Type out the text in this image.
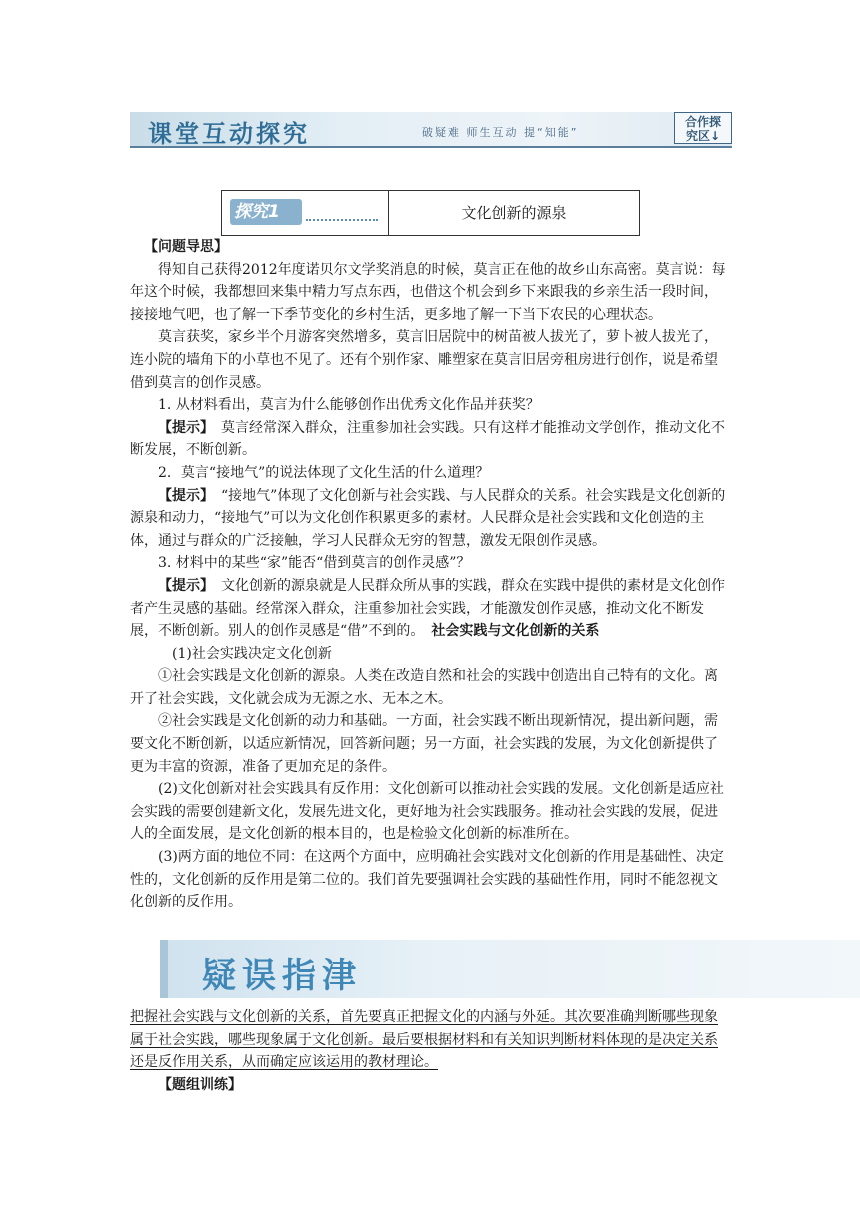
课堂互动探究	破疑难 师生互动 提“知能”
合作探
究区↓
探究1	文化创新的源泉

【问题导思】

得知自己获得2012年度诺贝尔文学奖消息的时候，莫言正在他的故乡山东高密。莫言说：每年这个时候，我都想回来集中精力写点东西，也借这个机会到乡下来跟我的乡亲生活一段时间，接接地气吧，也了解一下季节变化的乡村生活，更多地了解一下当下农民的心理状态。

莫言获奖，家乡半个月游客突然增多，莫言旧居院中的树苗被人拔光了，萝卜被人拔光了，连小院的墙角下的小草也不见了。还有个别作家、雕塑家在莫言旧居旁租房进行创作，说是希望借到莫言的创作灵感。

1. 从材料看出，莫言为什么能够创作出优秀文化作品并获奖？

【提示】　莫言经常深入群众，注重参加社会实践。只有这样才能推动文学创作，推动文化不断发展，不断创新。

2．莫言“接地气”的说法体现了文化生活的什么道理？

【提示】　“接地气”体现了文化创新与社会实践、与人民群众的关系。社会实践是文化创新的源泉和动力，“接地气”可以为文化创作积累更多的素材。人民群众是社会实践和文化创造的主体，通过与群众的广泛接触，学习人民群众无穷的智慧，激发无限创作灵感。

3. 材料中的某些“家”能否“借到莫言的创作灵感”？

【提示】　文化创新的源泉就是人民群众所从事的实践，群众在实践中提供的素材是文化创作者产生灵感的基础。经常深入群众，注重参加社会实践，才能激发创作灵感，推动文化不断发展，不断创新。别人的创作灵感是“借”不到的。　社会实践与文化创新的关系

(1)社会实践决定文化创新

①社会实践是文化创新的源泉。人类在改造自然和社会的实践中创造出自己特有的文化。离开了社会实践，文化就会成为无源之水、无本之木。

②社会实践是文化创新的动力和基础。一方面，社会实践不断出现新情况，提出新问题，需要文化不断创新，以适应新情况，回答新问题；另一方面，社会实践的发展，为文化创新提供了更为丰富的资源，准备了更加充足的条件。

(2)文化创新对社会实践具有反作用：文化创新可以推动社会实践的发展。文化创新是适应社会实践的需要创建新文化，发展先进文化，更好地为社会实践服务。推动社会实践的发展，促进人的全面发展，是文化创新的根本目的，也是检验文化创新的标准所在。

(3)两方面的地位不同：在这两个方面中，应明确社会实践对文化创新的作用是基础性、决定性的，文化创新的反作用是第二位的。我们首先要强调社会实践的基础性作用，同时不能忽视文化创新的反作用。

疑误指津
把握社会实践与文化创新的关系，首先要真正把握文化的内涵与外延。其次要准确判断哪些现象属于社会实践，哪些现象属于文化创新。最后要根据材料和有关知识判断材料体现的是决定关系还是反作用关系，从而确定应该运用的教材理论。
【题组训练】
